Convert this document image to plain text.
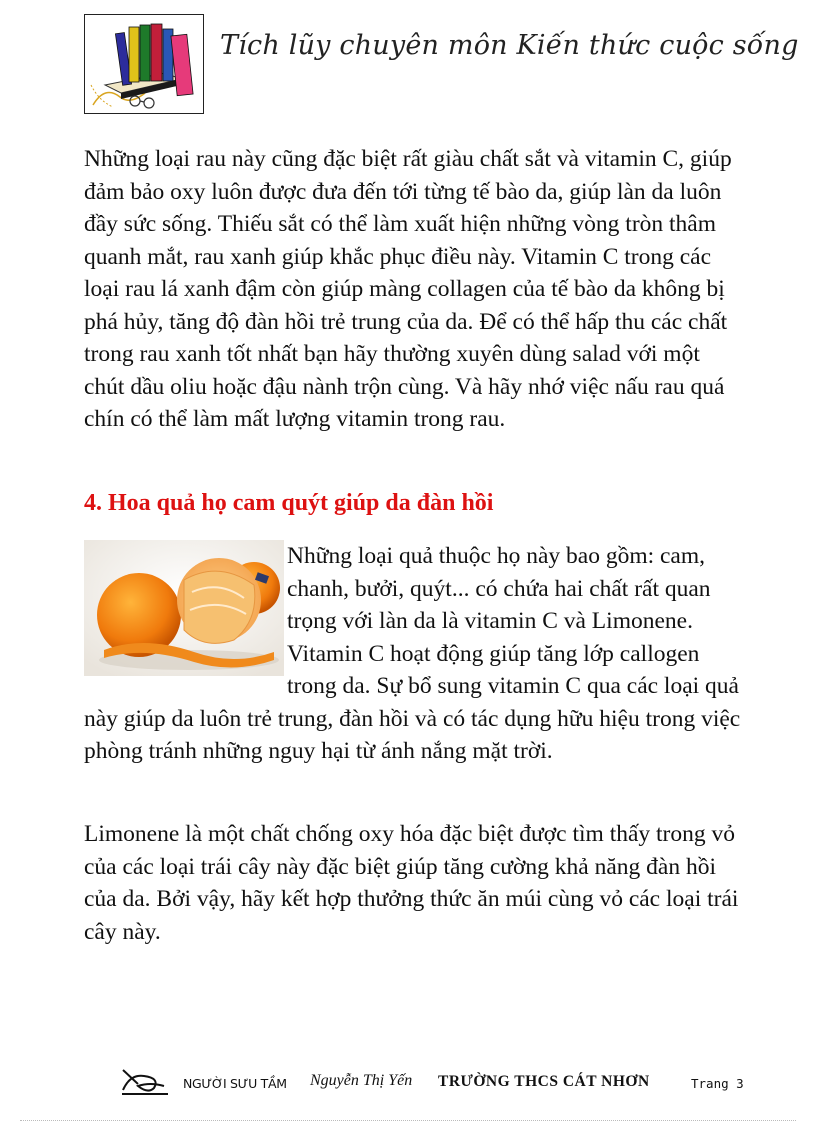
Tích lũy chuyên môn Kiến thức cuộc sống
Những loại rau này cũng đặc biệt rất giàu chất sắt và vitamin C, giúp đảm bảo oxy luôn được đưa đến tới từng tế bào da, giúp làn da luôn đầy sức sống. Thiếu sắt có thể làm xuất hiện những vòng tròn thâm quanh mắt, rau xanh giúp khắc phục điều này. Vitamin C trong các loại rau lá xanh đậm còn giúp màng collagen của tế bào da không bị phá hủy, tăng độ đàn hồi trẻ trung của da. Để có thể hấp thu các chất trong rau xanh tốt nhất bạn hãy thường xuyên dùng salad với một chút dầu oliu hoặc đậu nành trộn cùng. Và hãy nhớ việc nấu rau quá chín có thể làm mất lượng vitamin trong rau.
4. Hoa quả họ cam quýt giúp da đàn hồi
Những loại quả thuộc họ này bao gồm: cam, chanh, bưởi, quýt... có chứa hai chất rất quan trọng với làn da là vitamin C và Limonene. Vitamin C hoạt động giúp tăng lớp callogen trong da. Sự bổ sung vitamin C qua các loại quả này giúp da luôn trẻ trung, đàn hồi và có tác dụng hữu hiệu trong việc phòng tránh những nguy hại từ ánh nắng mặt trời.
Limonene là một chất chống oxy hóa đặc biệt được tìm thấy trong vỏ của các loại trái cây này đặc biệt giúp tăng cường khả năng đàn hồi của da. Bởi vậy, hãy kết hợp thưởng thức ăn múi cùng vỏ các loại trái cây này.
NGƯỜI SƯU TẦM Nguyễn Thị Yến TRƯỜNG THCS CÁT NHƠN	Trang 3
